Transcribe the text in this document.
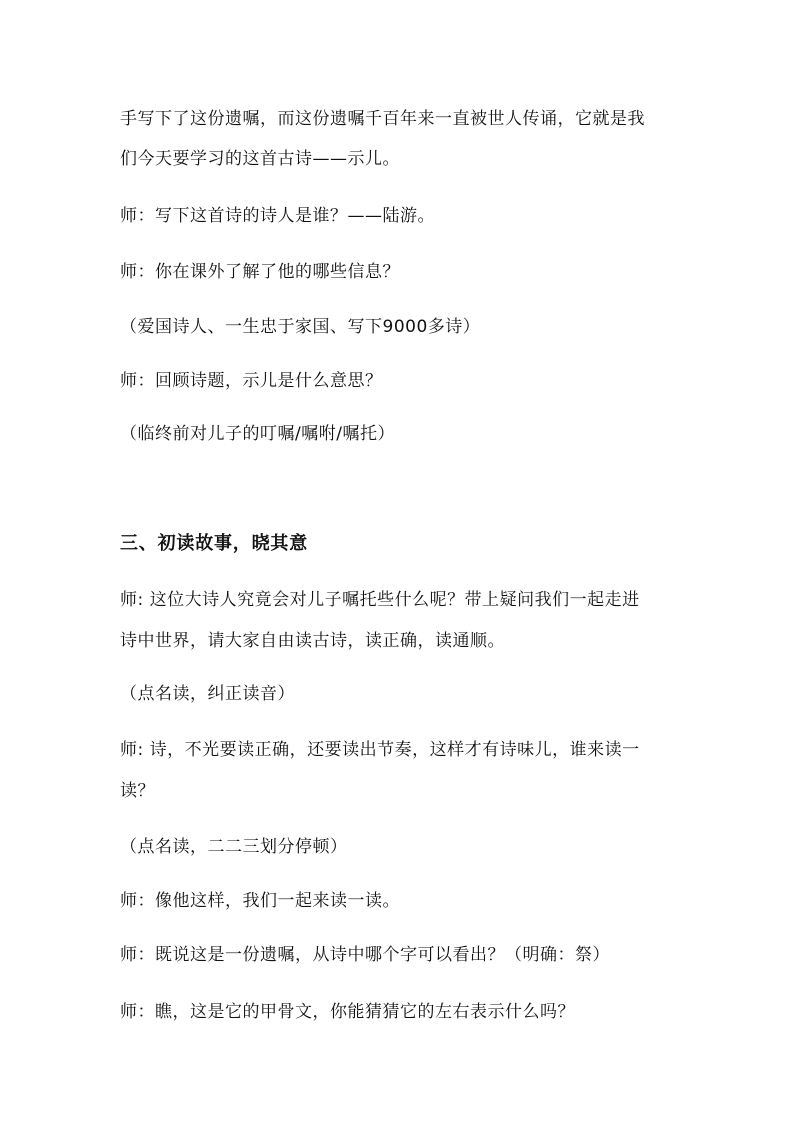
手写下了这份遗嘱，而这份遗嘱千百年来一直被世人传诵，它就是我
们今天要学习的这首古诗——示儿。
师：写下这首诗的诗人是谁？——陆游。
师：你在课外了解了他的哪些信息？
（爱国诗人、一生忠于家国、写下9000多诗）
师：回顾诗题，示儿是什么意思？
（临终前对儿子的叮嘱/嘱咐/嘱托）
三、初读故事，晓其意
师: 这位大诗人究竟会对儿子嘱托些什么呢？带上疑问我们一起走进
诗中世界，请大家自由读古诗，读正确，读通顺。
（点名读，纠正读音）
师: 诗，不光要读正确，还要读出节奏，这样才有诗味儿，谁来读一
读？
（点名读，二二三划分停顿）
师：像他这样，我们一起来读一读。
师：既说这是一份遗嘱，从诗中哪个字可以看出？（明确：祭）
师：瞧，这是它的甲骨文，你能猜猜它的左右表示什么吗？
